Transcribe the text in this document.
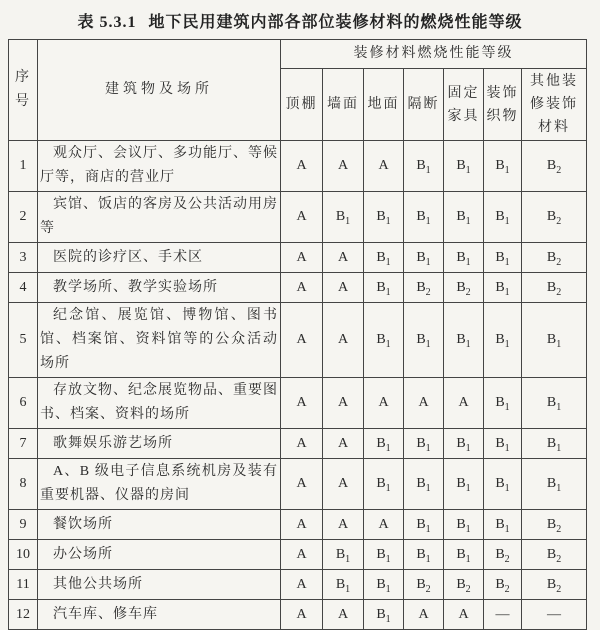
表 5.3.1 地下民用建筑内部各部位装修材料的燃烧性能等级
序号	建筑物及场所	装修材料燃烧性能等级						
		顶棚	墙面	地面	隔断	固定家具	装饰织物	其他装修装饰材料
1	观众厅、会议厅、多功能厅、等候厅等，商店的营业厅	A	A	A	$B_1$	$B_1$	$B_1$	$B_2$
2	宾馆、饭店的客房及公共活动用房等	A	$B_1$	$B_1$	$B_1$	$B_1$	$B_1$	$B_2$
3	医院的诊疗区、手术区	A	A	$B_1$	$B_1$	$B_1$	$B_1$	$B_2$
4	教学场所、教学实验场所	A	A	$B_1$	$B_2$	$B_2$	$B_1$	$B_2$
5	纪念馆、展览馆、博物馆、图书馆、档案馆、资料馆等的公众活动场所	A	A	$B_1$	$B_1$	$B_1$	$B_1$	$B_1$
6	存放文物、纪念展览物品、重要图书、档案、资料的场所	A	A	A	A	A	$B_1$	$B_1$
7	歌舞娱乐游艺场所	A	A	$B_1$	$B_1$	$B_1$	$B_1$	$B_1$
8	A、B 级电子信息系统机房及装有重要机器、仪器的房间	A	A	$B_1$	$B_1$	$B_1$	$B_1$	$B_1$
9	餐饮场所	A	A	A	$B_1$	$B_1$	$B_1$	$B_2$
10	办公场所	A	$B_1$	$B_1$	$B_1$	$B_1$	$B_2$	$B_2$
11	其他公共场所	A	$B_1$	$B_1$	$B_2$	$B_2$	$B_2$	$B_2$
12	汽车库、修车库	A	A	$B_1$	A	A	—	—
